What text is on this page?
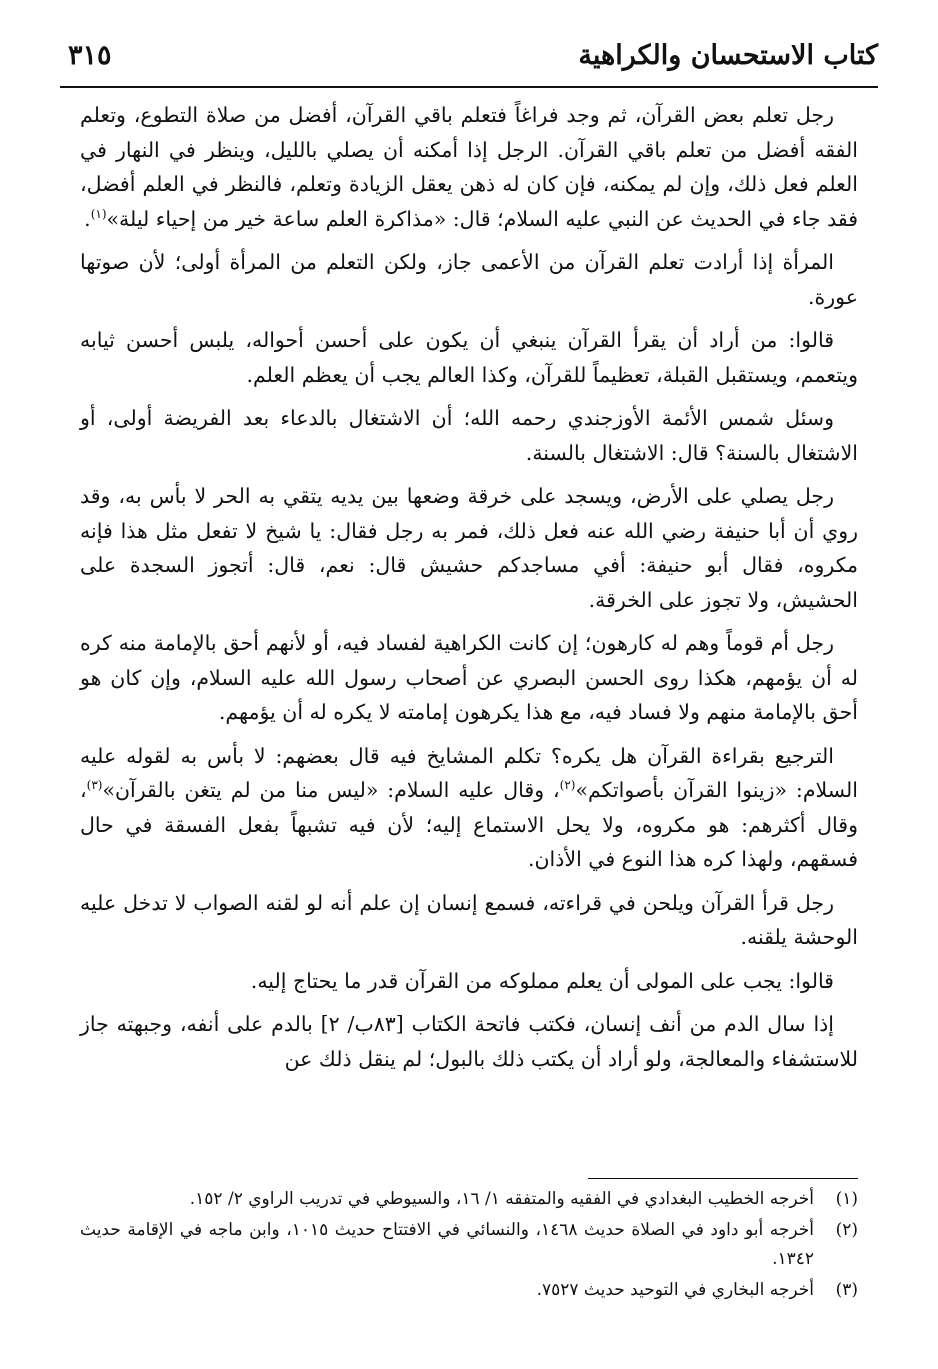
كتاب الاستحسان والكراهية
٣١٥

رجل تعلم بعض القرآن، ثم وجد فراغاً فتعلم باقي القرآن، أفضل من صلاة التطوع، وتعلم الفقه أفضل من تعلم باقي القرآن. الرجل إذا أمكنه أن يصلي بالليل، وينظر في النهار في العلم فعل ذلك، وإن لم يمكنه، فإن كان له ذهن يعقل الزيادة وتعلم، فالنظر في العلم أفضل، فقد جاء في الحديث عن النبي عليه السلام؛ قال: «مذاكرة العلم ساعة خير من إحياء ليلة»$^{(١)}$.

المرأة إذا أرادت تعلم القرآن من الأعمى جاز، ولكن التعلم من المرأة أولى؛ لأن صوتها عورة.

قالوا: من أراد أن يقرأ القرآن ينبغي أن يكون على أحسن أحواله، يلبس أحسن ثيابه ويتعمم، ويستقبل القبلة، تعظيماً للقرآن، وكذا العالم يجب أن يعظم العلم.

وسئل شمس الأئمة الأوزجندي رحمه الله؛ أن الاشتغال بالدعاء بعد الفريضة أولى، أو الاشتغال بالسنة؟ قال: الاشتغال بالسنة.

رجل يصلي على الأرض، ويسجد على خرقة وضعها بين يديه يتقي به الحر لا بأس به، وقد روي أن أبا حنيفة رضي الله عنه فعل ذلك، فمر به رجل فقال: يا شيخ لا تفعل مثل هذا فإنه مكروه، فقال أبو حنيفة: أفي مساجدكم حشيش قال: نعم، قال: أتجوز السجدة على الحشيش، ولا تجوز على الخرقة.

رجل أم قوماً وهم له كارهون؛ إن كانت الكراهية لفساد فيه، أو لأنهم أحق بالإمامة منه كره له أن يؤمهم، هكذا روى الحسن البصري عن أصحاب رسول الله عليه السلام، وإن كان هو أحق بالإمامة منهم ولا فساد فيه، مع هذا يكرهون إمامته لا يكره له أن يؤمهم.

الترجيع بقراءة القرآن هل يكره؟ تكلم المشايخ فيه قال بعضهم: لا بأس به لقوله عليه السلام: «زينوا القرآن بأصواتكم»$^{(٢)}$، وقال عليه السلام: «ليس منا من لم يتغن بالقرآن»$^{(٣)}$، وقال أكثرهم: هو مكروه، ولا يحل الاستماع إليه؛ لأن فيه تشبهاً بفعل الفسقة في حال فسقهم، ولهذا كره هذا النوع في الأذان.

رجل قرأ القرآن ويلحن في قراءته، فسمع إنسان إن علم أنه لو لقنه الصواب لا تدخل عليه الوحشة يلقنه.

قالوا: يجب على المولى أن يعلم مملوكه من القرآن قدر ما يحتاج إليه.

إذا سال الدم من أنف إنسان، فكتب فاتحة الكتاب [٨٣ب/ ٢] بالدم على أنفه، وجبهته جاز للاستشفاء والمعالجة، ولو أراد أن يكتب ذلك بالبول؛ لم ينقل ذلك عن

(١)
أخرجه الخطيب البغدادي في الفقيه والمتفقه ١/ ١٦، والسيوطي في تدريب الراوي ٢/ ١٥٢.
(٢)
أخرجه أبو داود في الصلاة حديث ١٤٦٨، والنسائي في الافتتاح حديث ١٠١٥، وابن ماجه في الإقامة حديث ١٣٤٢.
(٣)
أخرجه البخاري في التوحيد حديث ٧٥٢٧.
